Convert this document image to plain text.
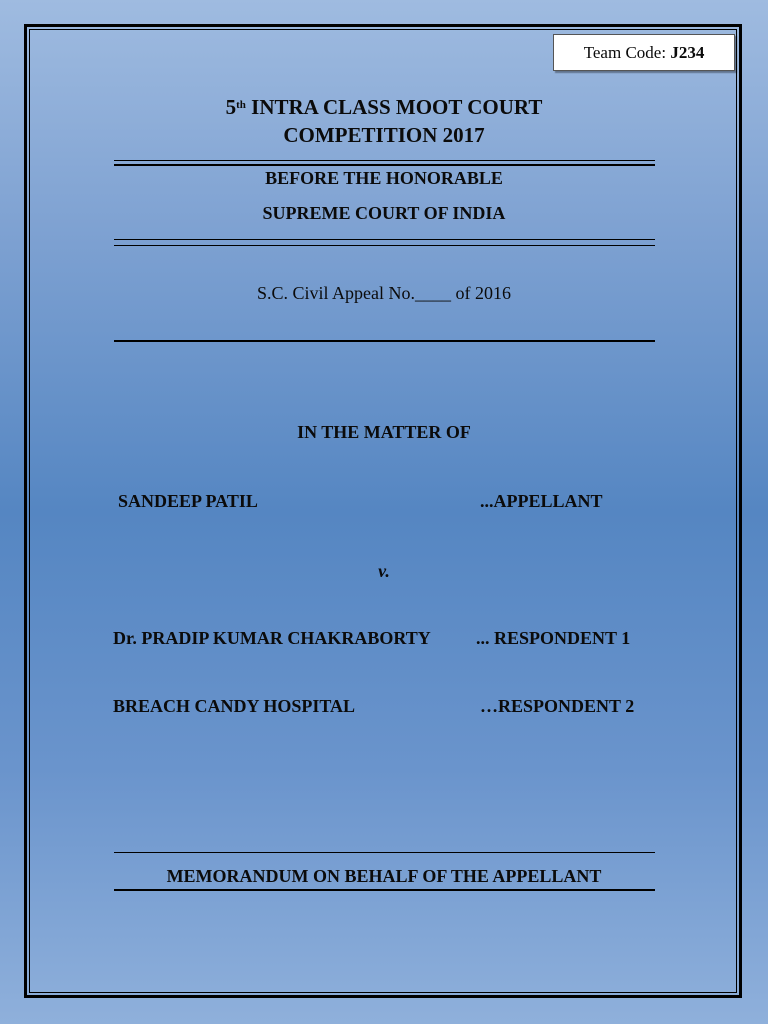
Team Code: J234
5th INTRA CLASS MOOT COURT
COMPETITION 2017
BEFORE THE HONORABLE
SUPREME COURT OF INDIA
S.C. Civil Appeal No.____ of 2016
IN THE MATTER OF
SANDEEP PATIL	...APPELLANT
v.
Dr. PRADIP KUMAR CHAKRABORTY	... RESPONDENT 1
BREACH CANDY HOSPITAL	…RESPONDENT 2
MEMORANDUM ON BEHALF OF THE APPELLANT
